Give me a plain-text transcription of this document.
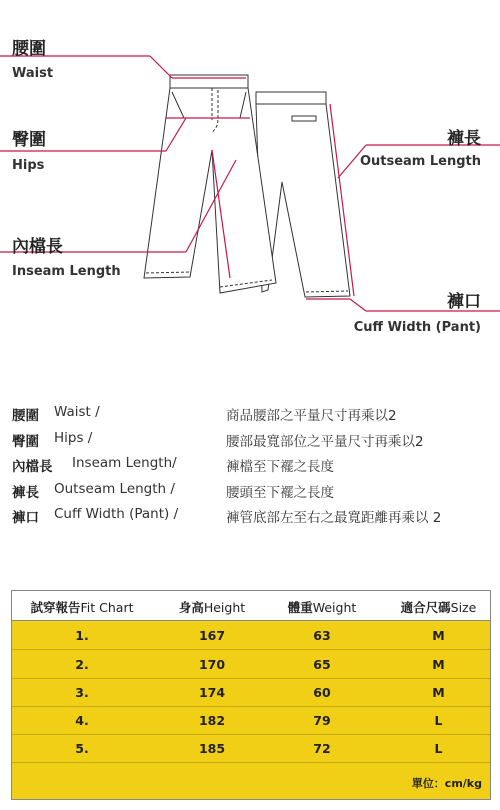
腰圍
Waist
臀圍
Hips
內檔長
Inseam Length
褲長
Outseam Length
褲口
Cuff Width (Pant)
腰圍 Waist /	商品腰部之平量尺寸再乘以2
臀圍 Hips /	腰部最寬部位之平量尺寸再乘以2
內檔長 Inseam Length/	褲檔至下襬之長度
褲長 Outseam Length /	腰頭至下襬之長度
褲口 Cuff Width (Pant) /	褲管底部左至右之最寬距離再乘以 2
試穿報告Fit Chart	身高Height	體重Weight	適合尺碼Size
1.	167	63	M
2.	170	65	M
3.	174	60	M
4.	182	79	L
5.	185	72	L
單位：cm/kg
